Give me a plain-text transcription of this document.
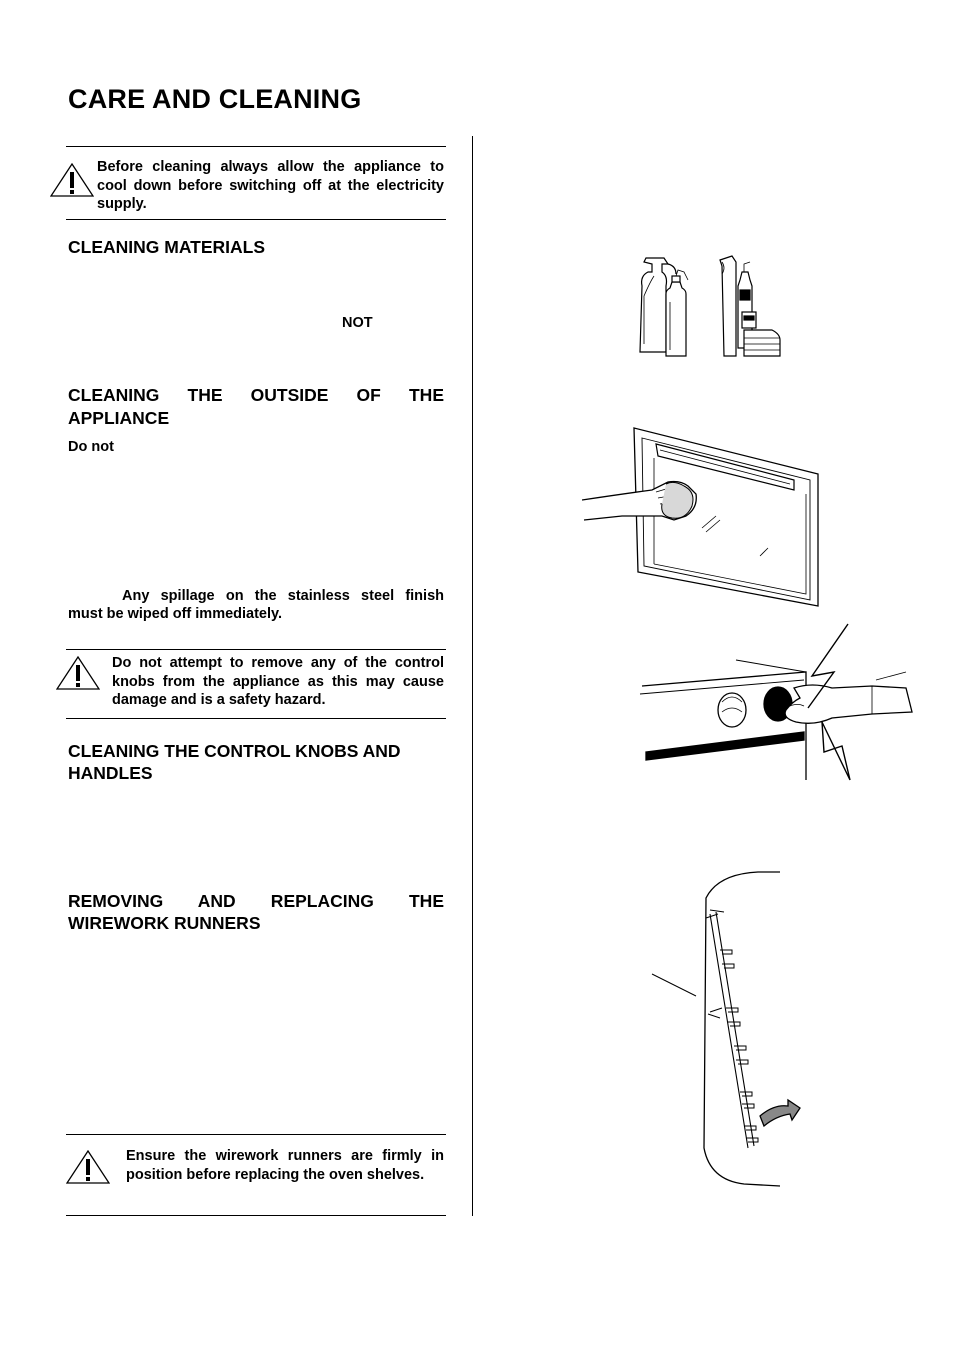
CARE AND CLEANING
Before cleaning always allow the appliance to cool down before switching off at the electricity supply.
CLEANING MATERIALS
NOT
CLEANING THE OUTSIDE OF THE
APPLIANCE
Do not
Any spillage on the stainless steel finish
must be wiped off immediately.
Do not attempt to remove any of the control knobs from the appliance as this may cause damage and is a safety hazard.
CLEANING THE CONTROL KNOBS AND
HANDLES
REMOVING AND REPLACING THE
WIREWORK RUNNERS
Ensure the wirework runners are firmly in position before replacing the oven shelves.
